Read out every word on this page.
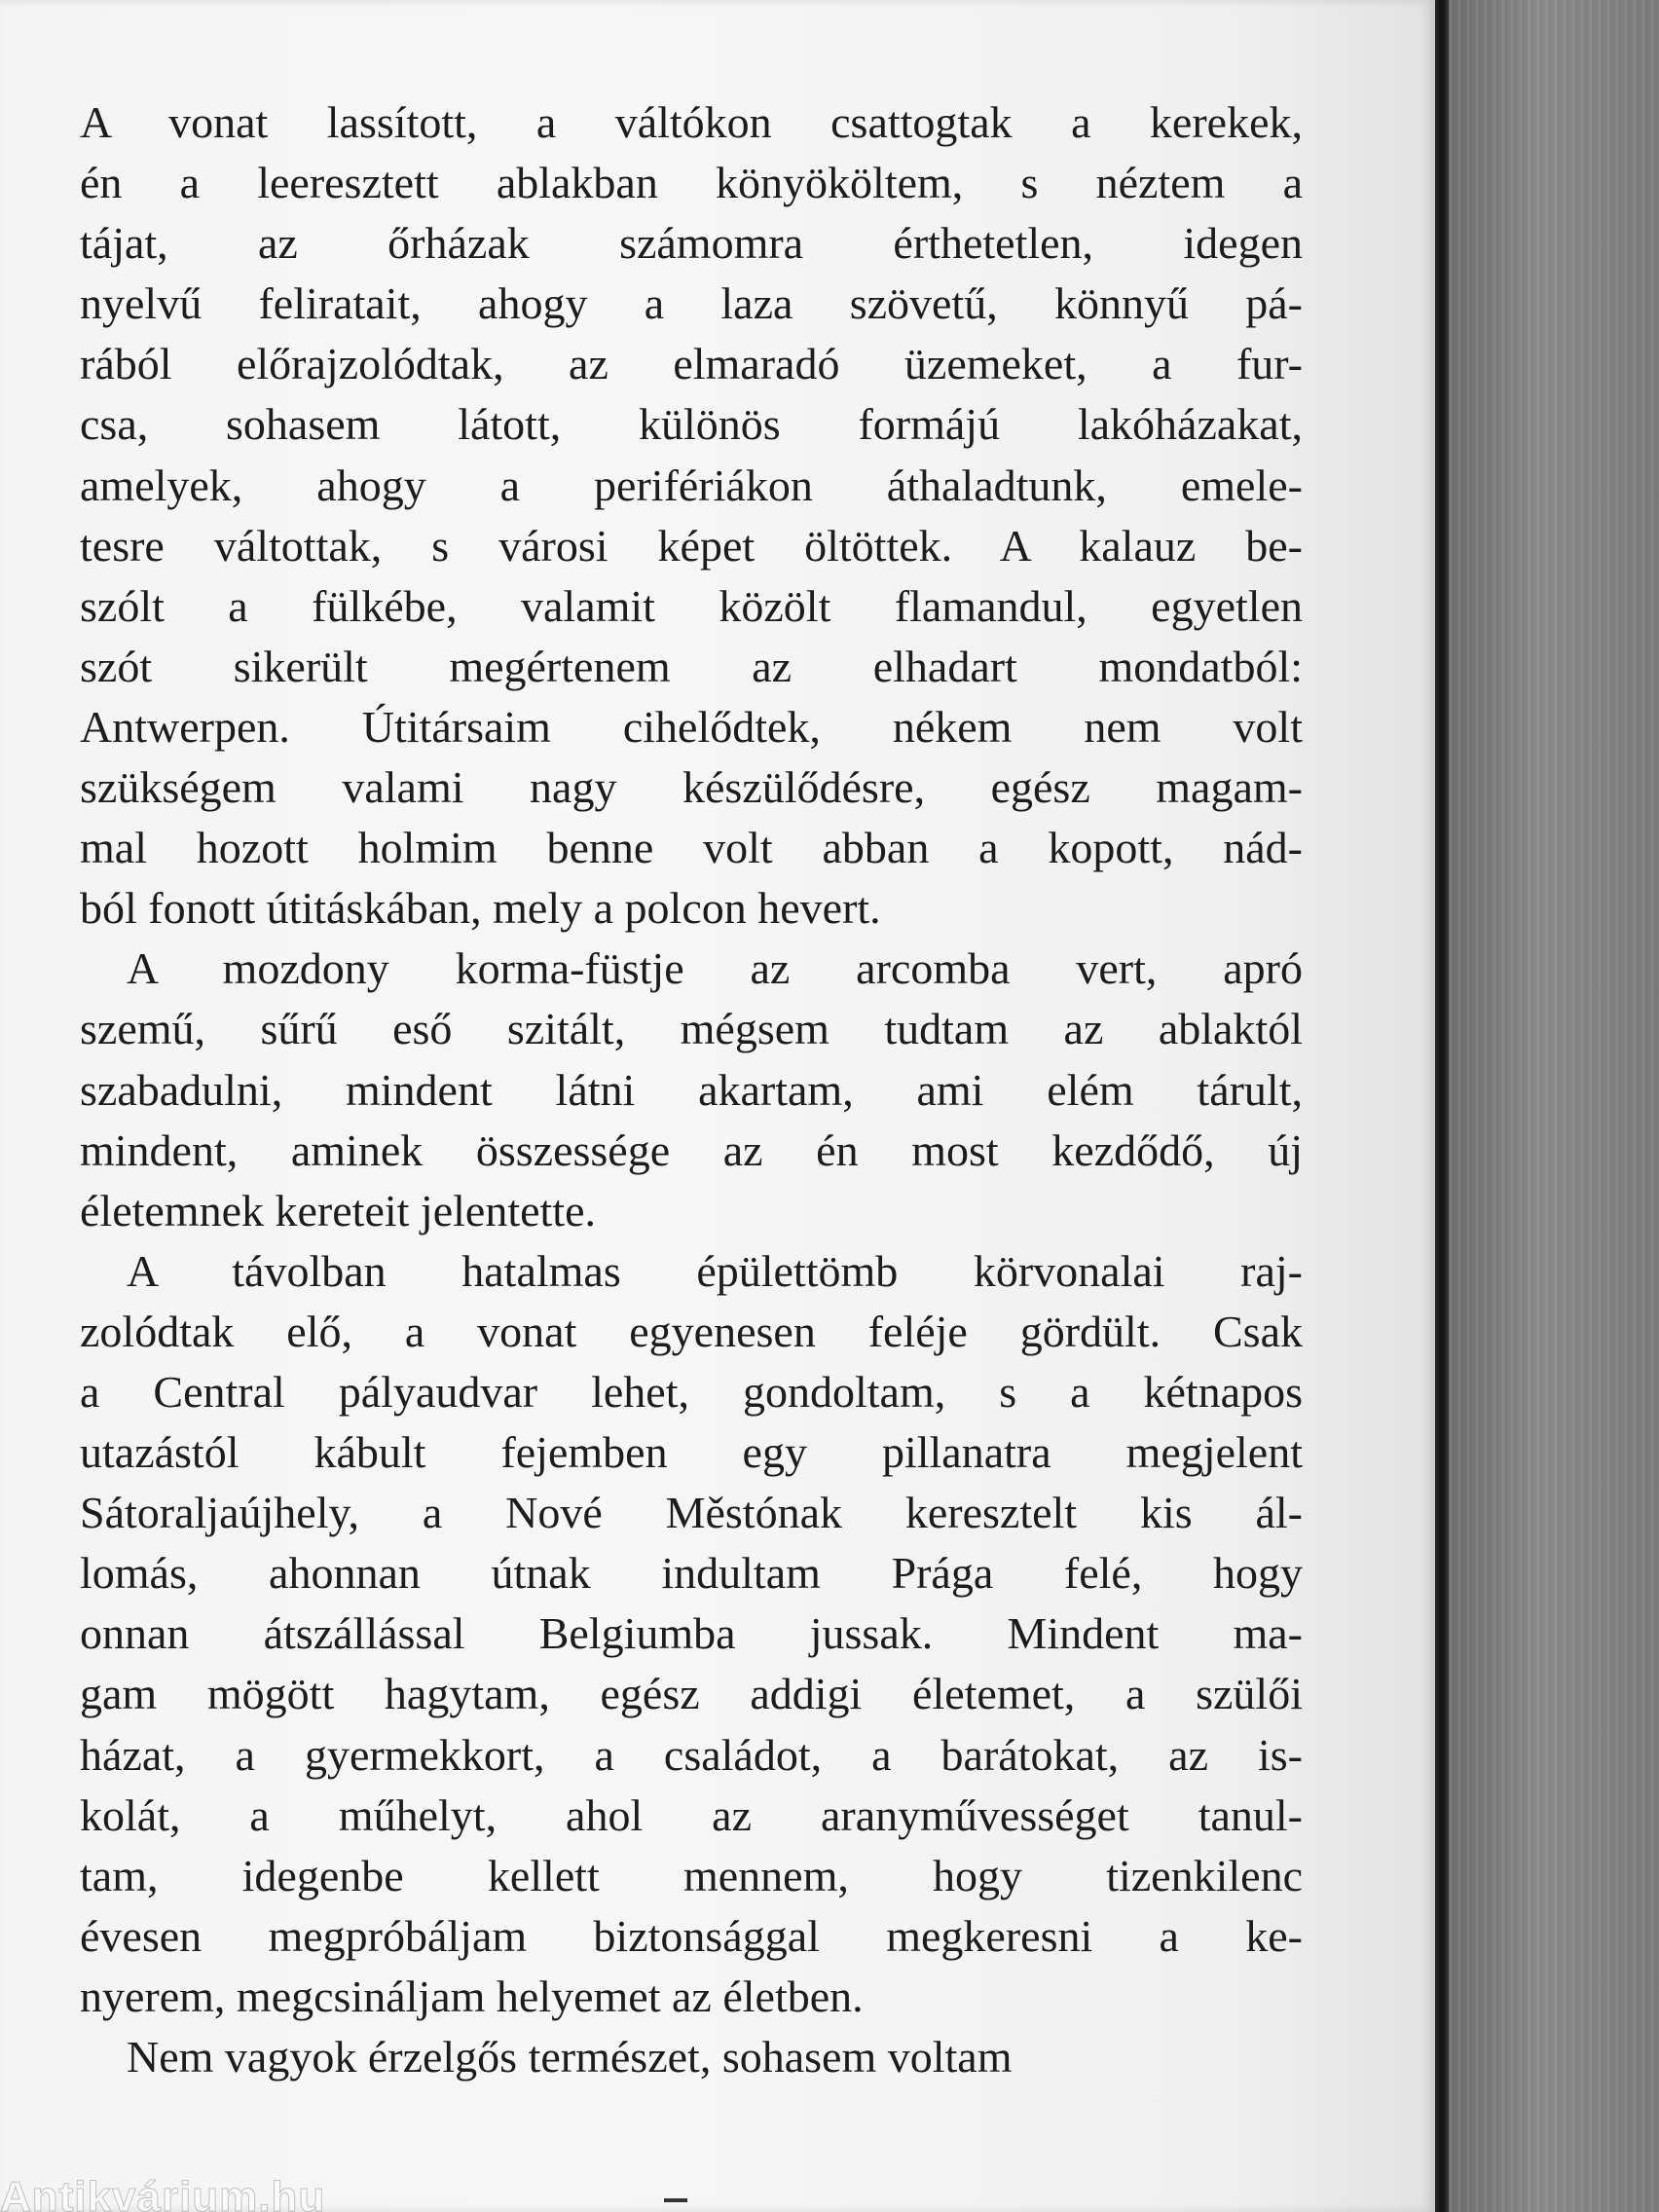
A vonat lassított, a váltókon csattogtak a kerekek,
én a leeresztett ablakban könyököltem, s néztem a
tájat, az őrházak számomra érthetetlen, idegen
nyelvű feliratait, ahogy a laza szövetű, könnyű pá-
rából előrajzolódtak, az elmaradó üzemeket, a fur-
csa, sohasem látott, különös formájú lakóházakat,
amelyek, ahogy a perifériákon áthaladtunk, emele-
tesre váltottak, s városi képet öltöttek. A kalauz be-
szólt a fülkébe, valamit közölt flamandul, egyetlen
szót sikerült megértenem az elhadart mondatból:
Antwerpen. Útitársaim cihelődtek, nékem nem volt
szükségem valami nagy készülődésre, egész magam-
mal hozott holmim benne volt abban a kopott, nád-
ból fonott útitáskában, mely a polcon hevert.
A mozdony korma-füstje az arcomba vert, apró
szemű, sűrű eső szitált, mégsem tudtam az ablaktól
szabadulni, mindent látni akartam, ami elém tárult,
mindent, aminek összessége az én most kezdődő, új
életemnek kereteit jelentette.
A távolban hatalmas épülettömb körvonalai raj-
zolódtak elő, a vonat egyenesen feléje gördült. Csak
a Central pályaudvar lehet, gondoltam, s a kétnapos
utazástól kábult fejemben egy pillanatra megjelent
Sátoraljaújhely, a Nové Městónak keresztelt kis ál-
lomás, ahonnan útnak indultam Prága felé, hogy
onnan átszállással Belgiumba jussak. Mindent ma-
gam mögött hagytam, egész addigi életemet, a szülői
házat, a gyermekkort, a családot, a barátokat, az is-
kolát, a műhelyt, ahol az aranyművességet tanul-
tam, idegenbe kellett mennem, hogy tizenkilenc
évesen megpróbáljam biztonsággal megkeresni a ke-
nyerem, megcsináljam helyemet az életben.
Nem vagyok érzelgős természet, sohasem voltam
Antikvárium.hu
